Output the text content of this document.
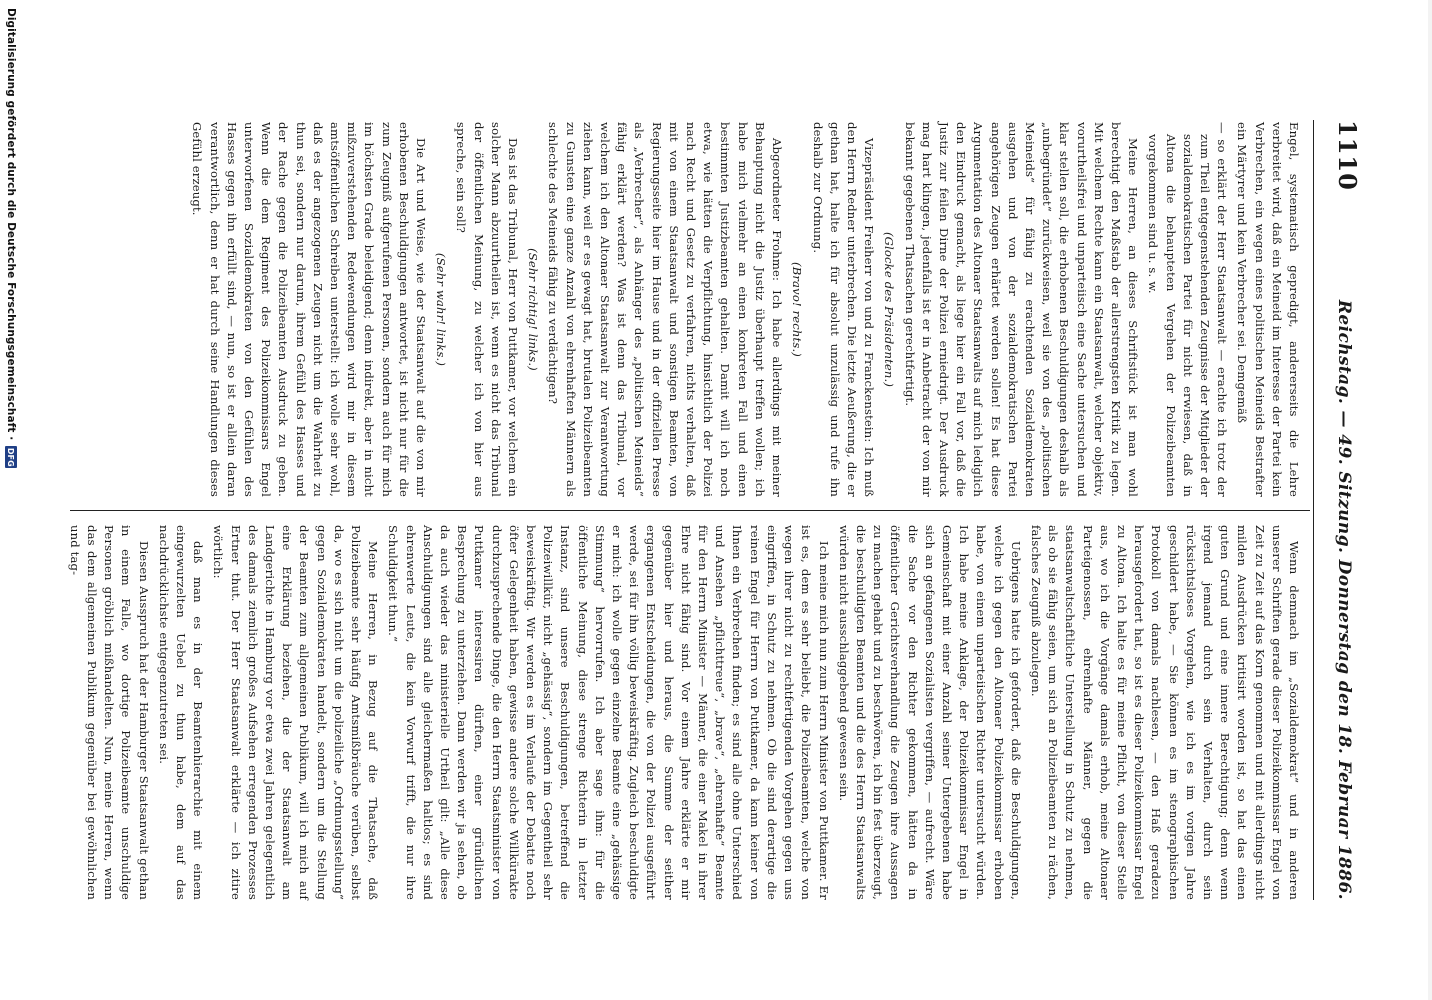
1110
Reichstag. — 49. Sitzung. Donnerstag den 18. Februar 1886.

Engel, systematisch gepredigt, andererseits die Lehre verbreitet wird, daß ein Meineid im Interesse der Partei kein Verbrechen, ein wegen eines politischen Meineids Bestrafter ein Märtyrer und kein Verbrecher sei. Demgemäß

— so erklärt der Herr Staatsanwalt — erachte ich trotz der zum Theil entgegenstehenden Zeugnisse der Mitglieder der sozialdemokratischen Partei für nicht erwiesen, daß in Altona die behaupteten Vergehen der Polizeibeamten vorgekommen sind u. s. w.

Meine Herren, an dieses Schriftstück ist man wohl berechtigt den Maßstab der allerstrengsten Kritik zu legen. Mit welchem Rechte kann ein Staatsanwalt, welcher objektiv, vorurtheilsfrei und unparteiisch eine Sache untersuchen und klar stellen soll, die erhobenen Beschuldigungen deshalb als „unbegründet“ zurückweisen, weil sie von des „politischen Meineids“ für fähig zu erachtenden Sozialdemokraten ausgehen und von der sozialdemokratischen Partei angehörigen Zeugen erhärtet werden sollen! Es hat diese Argumentation des Altonaer Staatsanwalts auf mich lediglich den Eindruck gemacht, als liege hier ein Fall vor, daß die Justiz zur feilen Dirne der Polizei erniedrigt. Der Ausdruck mag hart klingen, jedenfalls ist er in Anbetracht der von mir bekannt gegebenen Thatsachen gerechtfertigt.

(Glocke des Präsidenten.)

Vizepräsident Freiherr von und zu Franckenstein: Ich muß den Herrn Redner unterbrechen. Die letzte Aeußerung, die er gethan hat, halte ich für absolut unzulässig und rufe ihn deshalb zur Ordnung.

(Bravo! rechts.)

Abgeordneter Frohme: Ich habe allerdings mit meiner Behauptung nicht die Justiz überhaupt treffen wollen; ich habe mich vielmehr an einen konkreten Fall und einen bestimmten Justizbeamten gehalten. Damit will ich noch etwa, wie hätten die Verpflichtung, hinsichtlich der Polizei nach Recht und Gesetz zu verfahren, nichts verhalten, daß mit von einem Staatsanwalt und sonstigen Beamten, von Regierungsseite hier im Hause und in der offiziellen Presse als „Verbrecher“, als Anhänger des „politischen Meineids“ fähig erklärt werden? Was ist denn das Tribunal, vor welchem ich den Altonaer Staatsanwalt zur Verantwortung ziehen kann, weil er es gewagt hat, brutalen Polizeibeamten zu Gunsten eine ganze Anzahl von ehrenhaften Männern als schlechte des Meineids fähig zu verdächtigen?

(Sehr richtig! links.)

Das ist das Tribunal, Herr von Puttkamer, vor welchem ein solcher Mann abzuurtheilen ist, wenn es nicht das Tribunal der öffentlichen Meinung, zu welcher ich von hier aus spreche, sein soll?

(Sehr wahr! links.)

Die Art und Weise, wie der Staatsanwalt auf die von mir erhobenen Beschuldigungen antwortet, ist nicht nur für die zum Zeugniß aufgerufenen Personen, sondern auch für mich im höchsten Grade beleidigend; denn indirekt, aber in nicht mißzuverstehenden Redewendungen wird mir in diesem amtsöffentlichen Schreiben unterstellt: ich wolle sehr wohl, daß es der angezogenen Zeugen nicht um die Wahrheit zu thun sei, sondern nur darum, ihrem Gefühl des Hasses und der Rache gegen die Polizeibeamten Ausdruck zu geben. Wenn die dem Regiment des Polizeikommissars Engel unterworfenen Sozialdemokraten von den Gefühlen des Hasses gegen ihn erfüllt sind, — nun, so ist er allein daran verantwortlich, denn er hat durch seine Handlungen dieses Gefühl erzeugt.

Wenn demnach im „Sozialdemokrat“ und in anderen unserer Schriften gerade dieser Polizeikommissar Engel von Zeit zu Zeit auf das Korn genommen und mit allerdings nicht milden Ausdrücken kritisirt worden ist, so hat das einen guten Grund und eine innere Berechtigung; denn wenn irgend jemand durch sein Verhalten, durch sein rücksichtsloses Vorgehen, wie ich es im vorigen Jahre geschildert habe, — Sie können es im stenographischen Protokoll von damals nachlesen, — den Haß geradezu herausgefordert hat, so ist es dieser Polizeikommissar Engel zu Altona. Ich halte es für meine Pflicht, von dieser Stelle aus, wo ich die Vorgänge damals erhob, meine Altonaer Parteigenossen, ehrenhafte Männer, gegen die staatsanwaltschaftliche Unterstellung in Schutz zu nehmen, als ob sie fähig seien, um sich an Polizeibeamten zu rächen, falsches Zeugniß abzulegen.

Uebrigens hatte ich gefordert, daß die Beschuldigungen, welche ich gegen den Altonaer Polizeikommissar erhoben habe, von einem unparteiischen Richter untersucht würden. Ich habe meine Anklage, der Polizeikommissar Engel in Gemeinschaft mit einer Anzahl seiner Untergebenen habe sich an gefangenen Sozialisten vergriffen, — aufrecht. Wäre die Sache vor den Richter gekommen, hätten da in öffentlicher Gerichtsverhandlung die Zeugen ihre Aussagen zu machen gehabt und zu beschwören, ich bin fest überzeugt, die beschuldigten Beamten und die des Herrn Staatsanwalts würden nicht ausschlaggebend gewesen sein.

Ich meine mich nun zum Herrn Minister von Puttkamer. Er ist es, dem es sehr beliebt, die Polizeibeamten, welche von wegen ihrer nicht zu rechtfertigenden Vorgehen gegen uns eingriffen, in Schutz zu nehmen. Ob die sind derartige die reinen Engel für Herrn von Puttkamer, da kann keiner von Ihnen ein Verbrechen finden; es sind alle ohne Unterschied und Ansehen „pflichttreue“, „brave“, „ehrenhafte“ Beamte für den Herrn Minister — Männer, die einer Makel in ihrer Ehre nicht fähig sind. Vor einem Jahre erklärte er mir gegenüber hier und heraus, die Summe der seither ergangenen Entscheidungen, die von der Polizei ausgeführt werde, sei für ihn völlig beweiskräftig. Zugleich beschuldigte er mich: ich wolle gegen einzelne Beamte eine „gehässige Stimmung“ hervorrufen. Ich aber sage ihm: für die öffentliche Meinung, diese strenge Richterin in letzter Instanz, sind unsere Beschuldigungen, betreffend die Polizeiwillkür, nicht „gehässig“, sondern im Gegentheil sehr beweiskräftig. Wir werden es im Verlaufe der Debatte noch öfter Gelegenheit haben, gewisse andere solche Willkürakte durchzusprechende Dinge, die den Herrn Staatsminister von Puttkamer interessiren dürften, einer gründlichen Besprechung zu unterziehen. Dann werden wir ja sehen, ob da auch wieder das ministerielle Urtheil gilt: „Alle diese Anschuldigungen sind alle gleichermaßen haltlos; es sind ehrenwerte Leute, die kein Vorwurf trifft, die nur ihre Schuldigkeit thun.“

Meine Herren, in Bezug auf die Thatsache, daß Polizeibeamte sehr häufig Amtsmißbräuche verüben, selbst da, wo es sich nicht um die polizeiliche „Ordnungsstellung“ gegen Sozialdemokraten handelt, sondern um die Stellung der Beamten zum allgemeinen Publikum, will ich mich auf eine Erklärung beziehen, die der Staatsanwalt am Landgerichte in Hamburg vor etwa zwei Jahren gelegentlich des damals ziemlich großes Aufsehen erregenden Prozesses Ertner thut. Der Herr Staatsanwalt erklärte — ich zitire wörtlich:

daß man es in der Beamtenhierarchie mit einem eingewurzelten Uebel zu thun habe, dem auf das nachdrücklichste entgegenzutreten sei.

Diesen Ausspruch hat der Hamburger Staatsanwalt gethan in einem Falle, wo dortige Polizeibeamte unschuldige Personen gröblich mißhandelten. Nun, meine Herren, wenn das dem allgemeinen Publikum gegenüber bei gewöhnlichen und tag-

Digitalisierung gefördert durch die Deutsche Forschungsgemeinschaft ·
DFG
